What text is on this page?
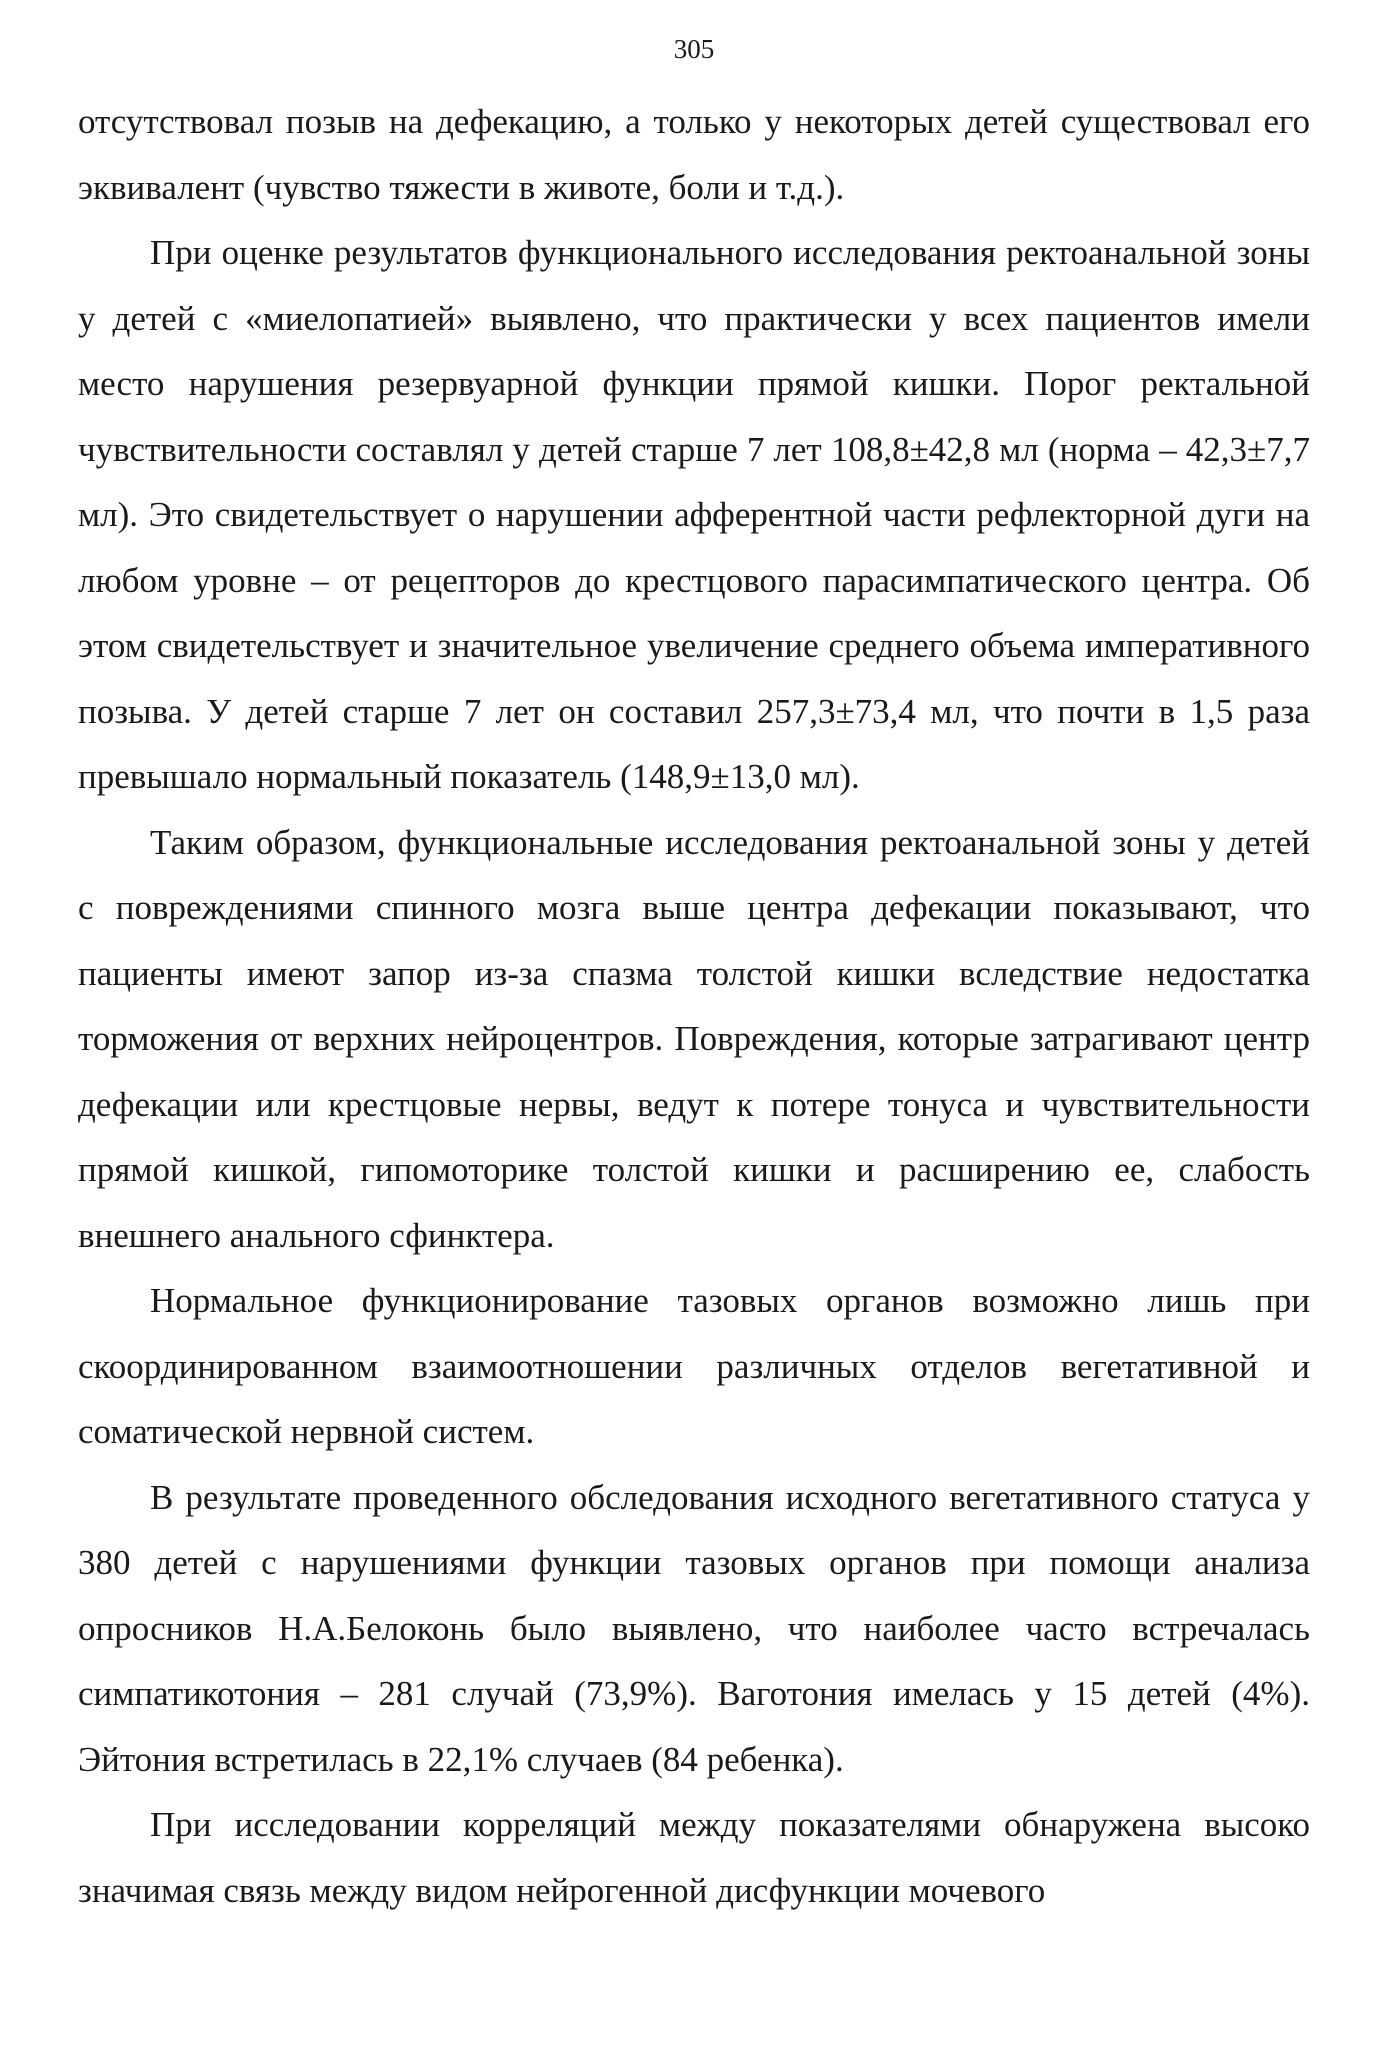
305

отсутствовал позыв на дефекацию, а только у некоторых детей существовал его эквивалент (чувство тяжести в животе, боли и т.д.).

При оценке результатов функционального исследования ректоанальной зоны у детей с «миелопатией» выявлено, что практически у всех пациентов имели место нарушения резервуарной функции прямой кишки. Порог ректальной чувствительности составлял у детей старше 7 лет 108,8±42,8 мл (норма – 42,3±7,7 мл). Это свидетельствует о нарушении афферентной части рефлекторной дуги на любом уровне – от рецепторов до крестцового парасимпатического центра. Об этом свидетельствует и значительное увеличение среднего объема императивного позыва. У детей старше 7 лет он составил 257,3±73,4 мл, что почти в 1,5 раза превышало нормальный показатель (148,9±13,0 мл).

Таким образом, функциональные исследования ректоанальной зоны у детей с повреждениями спинного мозга выше центра дефекации показывают, что пациенты имеют запор из-за спазма толстой кишки вследствие недостатка торможения от верхних нейроцентров. Повреждения, которые затрагивают центр дефекации или крестцовые нервы, ведут к потере тонуса и чувствительности прямой кишкой, гипомоторике толстой кишки и расширению ее, слабость внешнего анального сфинктера.

Нормальное функционирование тазовых органов возможно лишь при скоординированном взаимоотношении различных отделов вегетативной и соматической нервной систем.

В результате проведенного обследования исходного вегетативного статуса у 380 детей с нарушениями функции тазовых органов при помощи анализа опросников Н.А.Белоконь было выявлено, что наиболее часто встречалась симпатикотония – 281 случай (73,9%). Ваготония имелась у 15 детей (4%). Эйтония встретилась в 22,1% случаев (84 ребенка).

При исследовании корреляций между показателями обнаружена высоко значимая связь между видом нейрогенной дисфункции мочевого
